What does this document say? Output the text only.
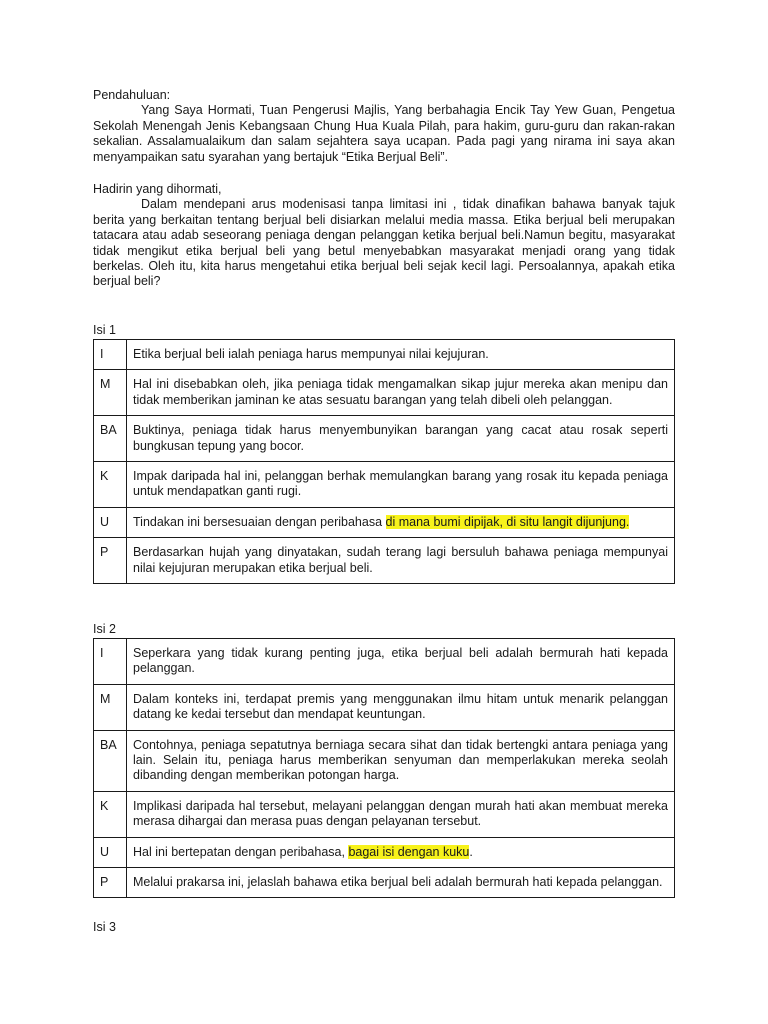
Pendahuluan:

Yang Saya Hormati, Tuan Pengerusi Majlis, Yang berbahagia Encik Tay Yew Guan, Pengetua Sekolah Menengah Jenis Kebangsaan Chung Hua Kuala Pilah, para hakim, guru-guru dan rakan-rakan sekalian. Assalamualaikum dan salam sejahtera saya ucapan. Pada pagi yang nirama ini saya akan menyampaikan satu syarahan yang bertajuk “Etika Berjual Beli”.

Hadirin yang dihormati,

Dalam mendepani arus modenisasi tanpa limitasi ini , tidak dinafikan bahawa banyak tajuk berita yang berkaitan tentang berjual beli disiarkan melalui media massa. Etika berjual beli merupakan tatacara atau adab seseorang peniaga dengan pelanggan ketika berjual beli.Namun begitu, masyarakat tidak mengikut etika berjual beli yang betul menyebabkan masyarakat menjadi orang yang tidak berkelas. Oleh itu, kita harus mengetahui etika berjual beli sejak kecil lagi. Persoalannya, apakah etika berjual beli?

Isi 1

I	Etika berjual beli ialah peniaga harus mempunyai nilai kejujuran.
M	Hal ini disebabkan oleh, jika peniaga tidak mengamalkan sikap jujur mereka akan menipu dan tidak memberikan jaminan ke atas sesuatu barangan yang telah dibeli oleh pelanggan.
BA	Buktinya, peniaga tidak harus menyembunyikan barangan yang cacat atau rosak seperti bungkusan tepung yang bocor.
K	Impak daripada hal ini, pelanggan berhak memulangkan barang yang rosak itu kepada peniaga untuk mendapatkan ganti rugi.
U	Tindakan ini bersesuaian dengan peribahasa di mana bumi dipijak, di situ langit dijunjung.
P	Berdasarkan hujah yang dinyatakan, sudah terang lagi bersuluh bahawa peniaga mempunyai nilai kejujuran merupakan etika berjual beli.

Isi 2

I	Seperkara yang tidak kurang penting juga, etika berjual beli adalah bermurah hati kepada pelanggan.
M	Dalam konteks ini, terdapat premis yang menggunakan ilmu hitam untuk menarik pelanggan datang ke kedai tersebut dan mendapat keuntungan.
BA	Contohnya, peniaga sepatutnya berniaga secara sihat dan tidak bertengki antara peniaga yang lain. Selain itu, peniaga harus memberikan senyuman dan memperlakukan mereka seolah dibanding dengan memberikan potongan harga.
K	Implikasi daripada hal tersebut, melayani pelanggan dengan murah hati akan membuat mereka merasa dihargai dan merasa puas dengan pelayanan tersebut.
U	Hal ini bertepatan dengan peribahasa, bagai isi dengan kuku.
P	Melalui prakarsa ini, jelaslah bahawa etika berjual beli adalah bermurah hati kepada pelanggan.

Isi 3
